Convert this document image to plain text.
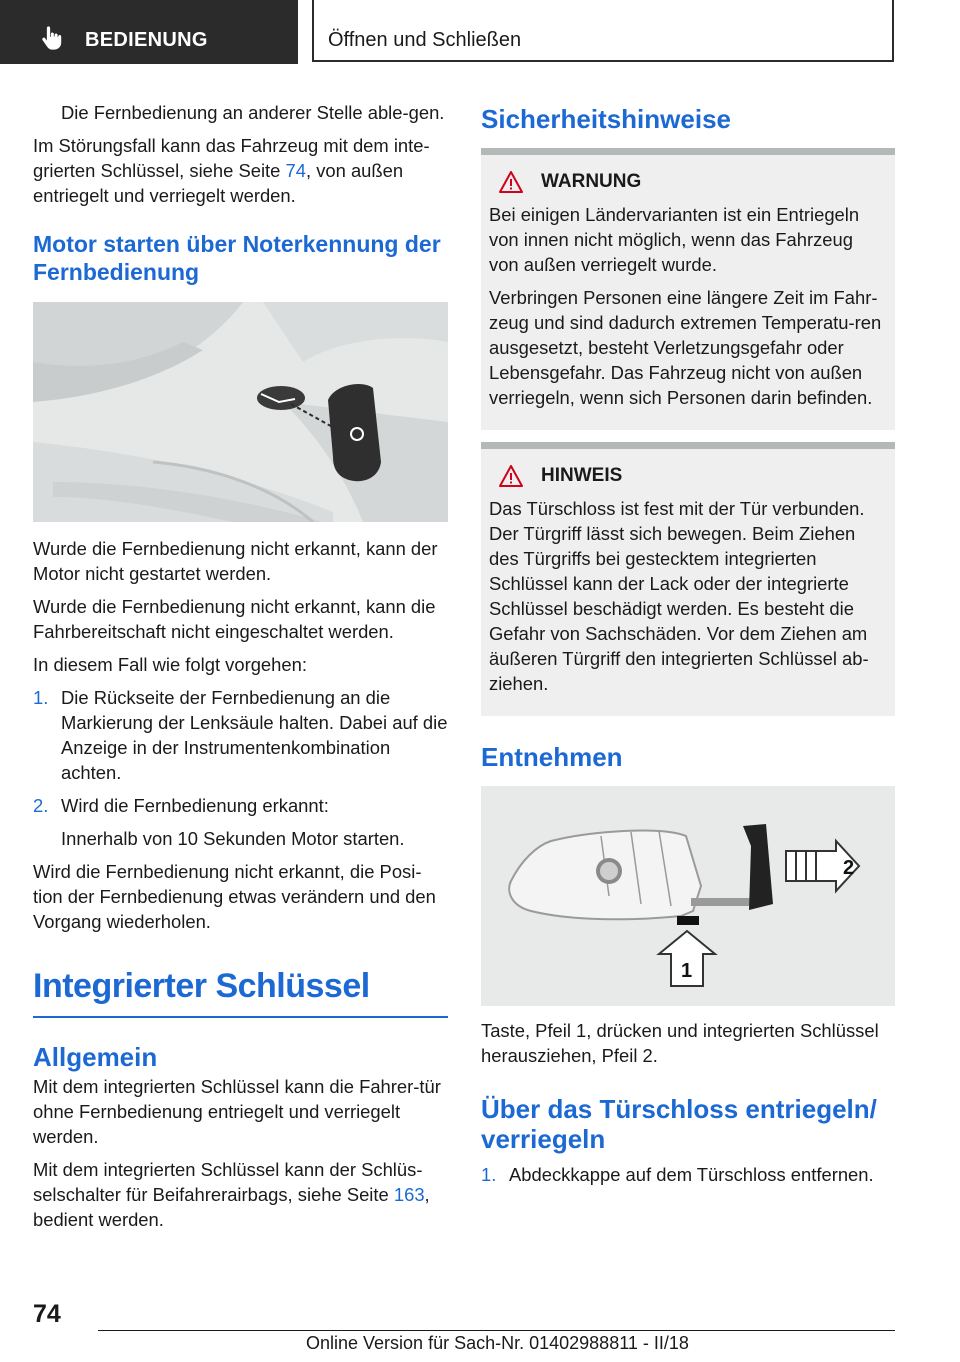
BEDIENUNG	Öffnen und Schließen

Die Fernbedienung an anderer Stelle able-gen.

Im Störungsfall kann das Fahrzeug mit dem inte-grierten Schlüssel, siehe Seite 74, von außen entriegelt und verriegelt werden.

Motor starten über Noterkennung der Fernbedienung

Wurde die Fernbedienung nicht erkannt, kann der Motor nicht gestartet werden.

Wurde die Fernbedienung nicht erkannt, kann die Fahrbereitschaft nicht eingeschaltet werden.

In diesem Fall wie folgt vorgehen:

1. Die Rückseite der Fernbedienung an die Markierung der Lenksäule halten. Dabei auf die Anzeige in der Instrumentenkombination achten.
2. Wird die Fernbedienung erkannt:

Innerhalb von 10 Sekunden Motor starten.

Wird die Fernbedienung nicht erkannt, die Posi-tion der Fernbedienung etwas verändern und den Vorgang wiederholen.

Integrierter Schlüssel
Allgemein

Mit dem integrierten Schlüssel kann die Fahrer-tür ohne Fernbedienung entriegelt und verriegelt werden.

Mit dem integrierten Schlüssel kann der Schlüs-selschalter für Beifahrerairbags, siehe Seite 163, bedient werden.

Sicherheitshinweise
WARNUNG

Bei einigen Ländervarianten ist ein Entriegeln von innen nicht möglich, wenn das Fahrzeug von außen verriegelt wurde.

Verbringen Personen eine längere Zeit im Fahr-zeug und sind dadurch extremen Temperatu-ren ausgesetzt, besteht Verletzungsgefahr oder Lebensgefahr. Das Fahrzeug nicht von außen verriegeln, wenn sich Personen darin befinden.

HINWEIS

Das Türschloss ist fest mit der Tür verbunden. Der Türgriff lässt sich bewegen. Beim Ziehen des Türgriffs bei gestecktem integrierten Schlüssel kann der Lack oder der integrierte Schlüssel beschädigt werden. Es besteht die Gefahr von Sachschäden. Vor dem Ziehen am äußeren Türgriff den integrierten Schlüssel ab-ziehen.

Entnehmen
2
1

Taste, Pfeil 1, drücken und integrierten Schlüssel herausziehen, Pfeil 2.

Über das Türschloss entriegeln/ verriegeln
1. Abdeckkappe auf dem Türschloss entfernen.
74
Online Version für Sach-Nr. 01402988811 - II/18
